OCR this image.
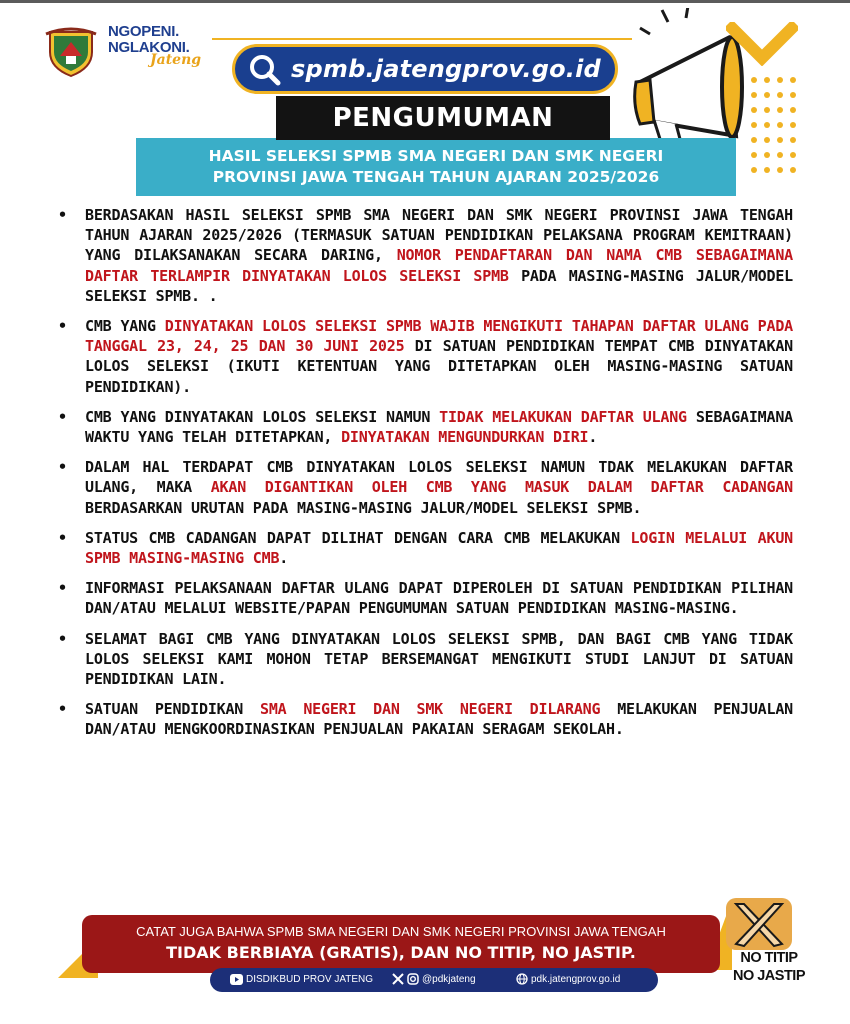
NGOPENI.
NGLAKONI.
Jateng	spmb.jatengprov.go.id
HASIL SELEKSI SPMB SMA NEGERI DAN SMK NEGERI
PROVINSI JAWA TENGAH TAHUN AJARAN 2025/2026
PENGUMUMAN
• BERDASAKAN HASIL SELEKSI SPMB SMA NEGERI DAN SMK NEGERI PROVINSI JAWA TENGAH TAHUN AJARAN 2025/2026 (TERMASUK SATUAN PENDIDIKAN PELAKSANA PROGRAM KEMITRAAN) YANG DILAKSANAKAN SECARA DARING, NOMOR PENDAFTARAN DAN NAMA CMB SEBAGAIMANA DAFTAR TERLAMPIR DINYATAKAN LOLOS SELEKSI SPMB PADA MASING-MASING JALUR/MODEL SELEKSI SPMB. .
• CMB YANG DINYATAKAN LOLOS SELEKSI SPMB WAJIB MENGIKUTI TAHAPAN DAFTAR ULANG PADA TANGGAL 23, 24, 25 DAN 30 JUNI 2025 DI SATUAN PENDIDIKAN TEMPAT CMB DINYATAKAN LOLOS SELEKSI (IKUTI KETENTUAN YANG DITETAPKAN OLEH MASING-MASING SATUAN PENDIDIKAN).
• CMB YANG DINYATAKAN LOLOS SELEKSI NAMUN TIDAK MELAKUKAN DAFTAR ULANG SEBAGAIMANA WAKTU YANG TELAH DITETAPKAN, DINYATAKAN MENGUNDURKAN DIRI.
• DALAM HAL TERDAPAT CMB DINYATAKAN LOLOS SELEKSI NAMUN TDAK MELAKUKAN DAFTAR ULANG, MAKA AKAN DIGANTIKAN OLEH CMB YANG MASUK DALAM DAFTAR CADANGAN BERDASARKAN URUTAN PADA MASING-MASING JALUR/MODEL SELEKSI SPMB.
• STATUS CMB CADANGAN DAPAT DILIHAT DENGAN CARA CMB MELAKUKAN LOGIN MELALUI AKUN SPMB MASING-MASING CMB.
• INFORMASI PELAKSANAAN DAFTAR ULANG DAPAT DIPEROLEH DI SATUAN PENDIDIKAN PILIHAN DAN/ATAU MELALUI WEBSITE/PAPAN PENGUMUMAN SATUAN PENDIDIKAN MASING-MASING.
• SELAMAT BAGI CMB YANG DINYATAKAN LOLOS SELEKSI SPMB, DAN BAGI CMB YANG TIDAK LOLOS SELEKSI KAMI MOHON TETAP BERSEMANGAT MENGIKUTI STUDI LANJUT DI SATUAN PENDIDIKAN LAIN.
• SATUAN PENDIDIKAN SMA NEGERI DAN SMK NEGERI DILARANG MELAKUKAN PENJUALAN DAN/ATAU MENGKOORDINASIKAN PENJUALAN PAKAIAN SERAGAM SEKOLAH.
CATAT JUGA BAHWA SPMB SMA NEGERI DAN SMK NEGERI PROVINSI JAWA TENGAH
TIDAK BERBIAYA (GRATIS), DAN NO TITIP, NO JASTIP.
DISDIKBUD PROV JATENG	@pdkjateng	pdk.jatengprov.go.id
NO TITIP
NO JASTIP
